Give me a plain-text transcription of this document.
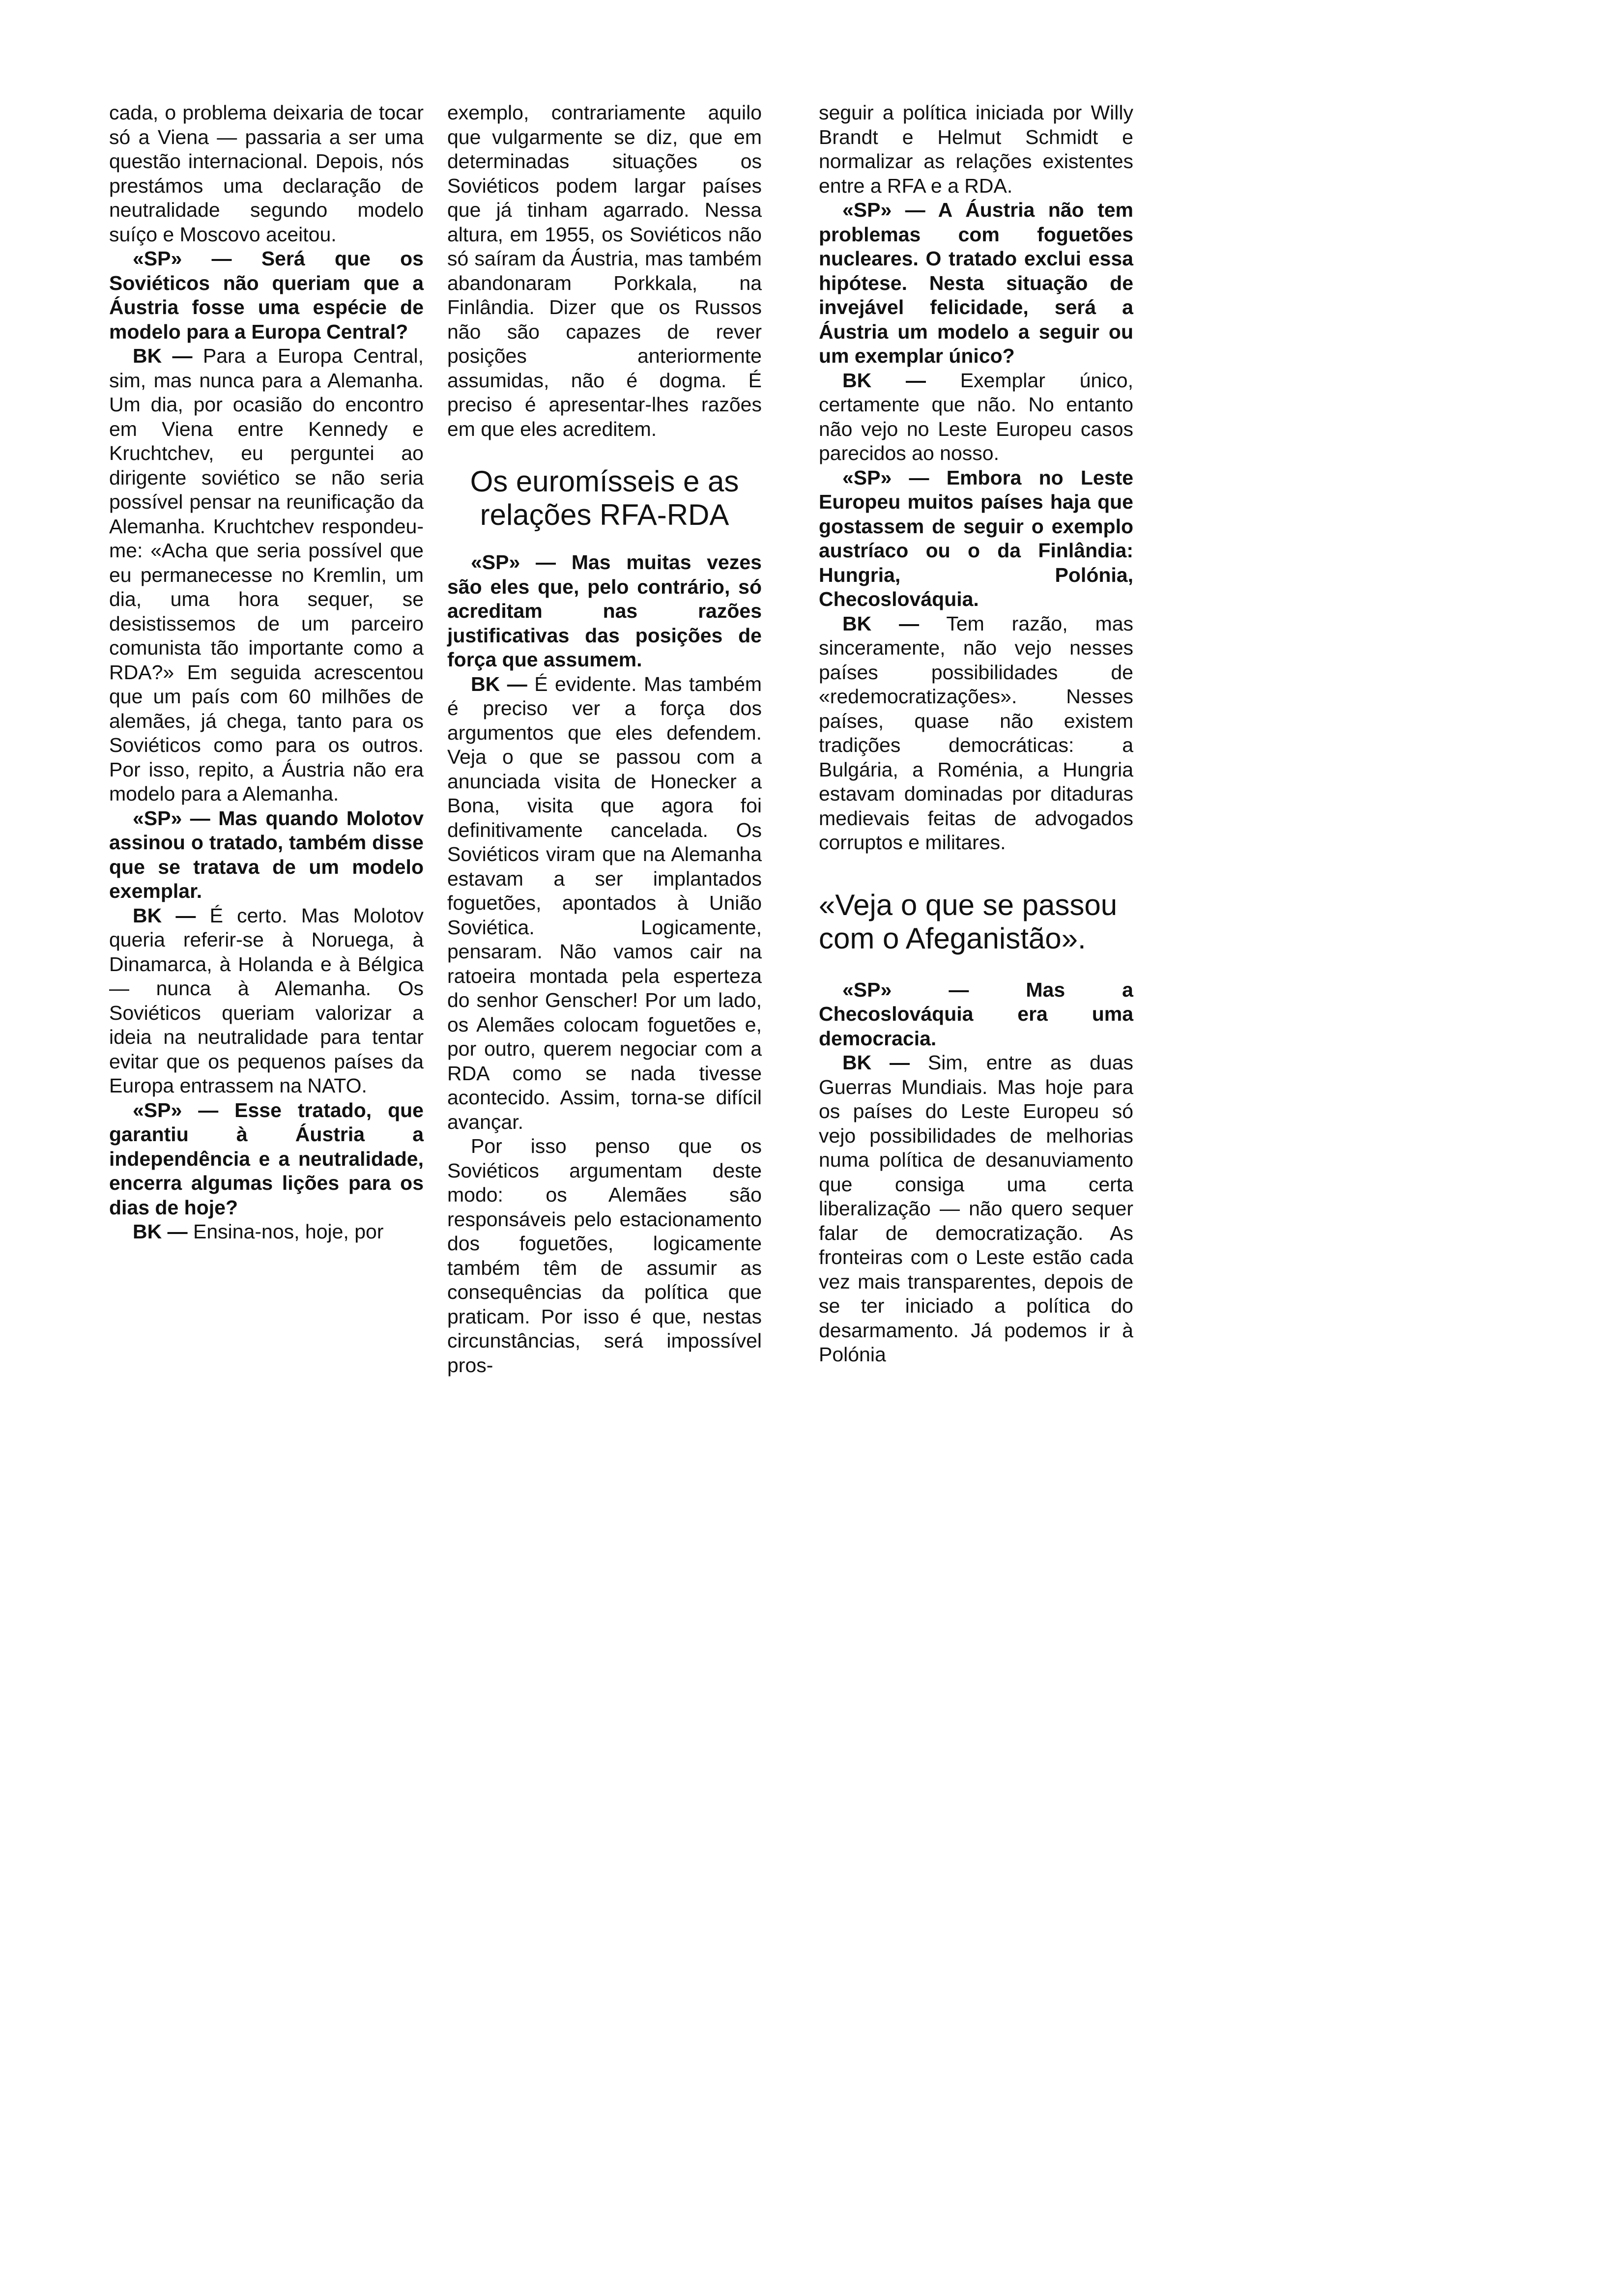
cada, o problema deixaria de tocar só a Viena — passaria a ser uma questão internacional. Depois, nós prestámos uma declaração de neutralidade segundo modelo suíço e Moscovo aceitou.

«SP» — Será que os Soviéticos não queriam que a Áustria fosse uma espécie de modelo para a Europa Central?

BK — Para a Europa Central, sim, mas nunca para a Alemanha. Um dia, por ocasião do encontro em Viena entre Kennedy e Kruchtchev, eu perguntei ao dirigente soviético se não seria possível pensar na reunificação da Alemanha. Kruchtchev respondeu-me: «Acha que seria possível que eu permanecesse no Kremlin, um dia, uma hora sequer, se desistissemos de um parceiro comunista tão importante como a RDA?» Em seguida acrescentou que um país com 60 milhões de alemães, já chega, tanto para os Soviéticos como para os outros. Por isso, repito, a Áustria não era modelo para a Alemanha.

«SP» — Mas quando Molotov assinou o tratado, também disse que se tratava de um modelo exemplar.

BK — É certo. Mas Molotov queria referir-se à Noruega, à Dinamarca, à Holanda e à Bélgica — nunca à Alemanha. Os Soviéticos queriam valorizar a ideia na neutralidade para tentar evitar que os pequenos países da Europa entrassem na NATO.

«SP» — Esse tratado, que garantiu à Áustria a independência e a neutralidade, encerra algumas lições para os dias de hoje?

BK — Ensina-nos, hoje, por

exemplo, contrariamente aquilo que vulgarmente se diz, que em determinadas situações os Soviéticos podem largar países que já tinham agarrado. Nessa altura, em 1955, os Soviéticos não só saíram da Áustria, mas também abandonaram Porkkala, na Finlândia. Dizer que os Russos não são capazes de rever posições anteriormente assumidas, não é dogma. É preciso é apresentar-lhes razões em que eles acreditem.

Os euromísseis e as relações RFA-RDA

«SP» — Mas muitas vezes são eles que, pelo contrário, só acreditam nas razões justificativas das posições de força que assumem.

BK — É evidente. Mas também é preciso ver a força dos argumentos que eles defendem. Veja o que se passou com a anunciada visita de Honecker a Bona, visita que agora foi definitivamente cancelada. Os Soviéticos viram que na Alemanha estavam a ser implantados foguetões, apontados à União Soviética. Logicamente, pensaram. Não vamos cair na ratoeira montada pela esperteza do senhor Genscher! Por um lado, os Alemães colocam foguetões e, por outro, querem negociar com a RDA como se nada tivesse acontecido. Assim, torna-se difícil avançar.

Por isso penso que os Soviéticos argumentam deste modo: os Alemães são responsáveis pelo estacionamento dos foguetões, logicamente também têm de assumir as consequências da política que praticam. Por isso é que, nestas circunstâncias, será impossível pros-

seguir a política iniciada por Willy Brandt e Helmut Schmidt e normalizar as relações existentes entre a RFA e a RDA.

«SP» — A Áustria não tem problemas com foguetões nucleares. O tratado exclui essa hipótese. Nesta situação de invejável felicidade, será a Áustria um modelo a seguir ou um exemplar único?

BK — Exemplar único, certamente que não. No entanto não vejo no Leste Europeu casos parecidos ao nosso.

«SP» — Embora no Leste Europeu muitos países haja que gostassem de seguir o exemplo austríaco ou o da Finlândia: Hungria, Polónia, Checoslováquia.

BK — Tem razão, mas sinceramente, não vejo nesses países possibilidades de «redemocratizações». Nesses países, quase não existem tradições democráticas: a Bulgária, a Roménia, a Hungria estavam dominadas por ditaduras medievais feitas de advogados corruptos e militares.

«Veja o que se passou com o Afeganistão».

«SP» —	Mas a Checoslováquia era uma democracia.

BK — Sim, entre as duas Guerras Mundiais. Mas hoje para os países do Leste Europeu só vejo possibilidades de melhorias numa política de desanuviamento que consiga uma certa liberalização — não quero sequer falar de democratização. As fronteiras com o Leste estão cada vez mais transparentes, depois de se ter iniciado a política do desarmamento. Já podemos ir à Polónia
